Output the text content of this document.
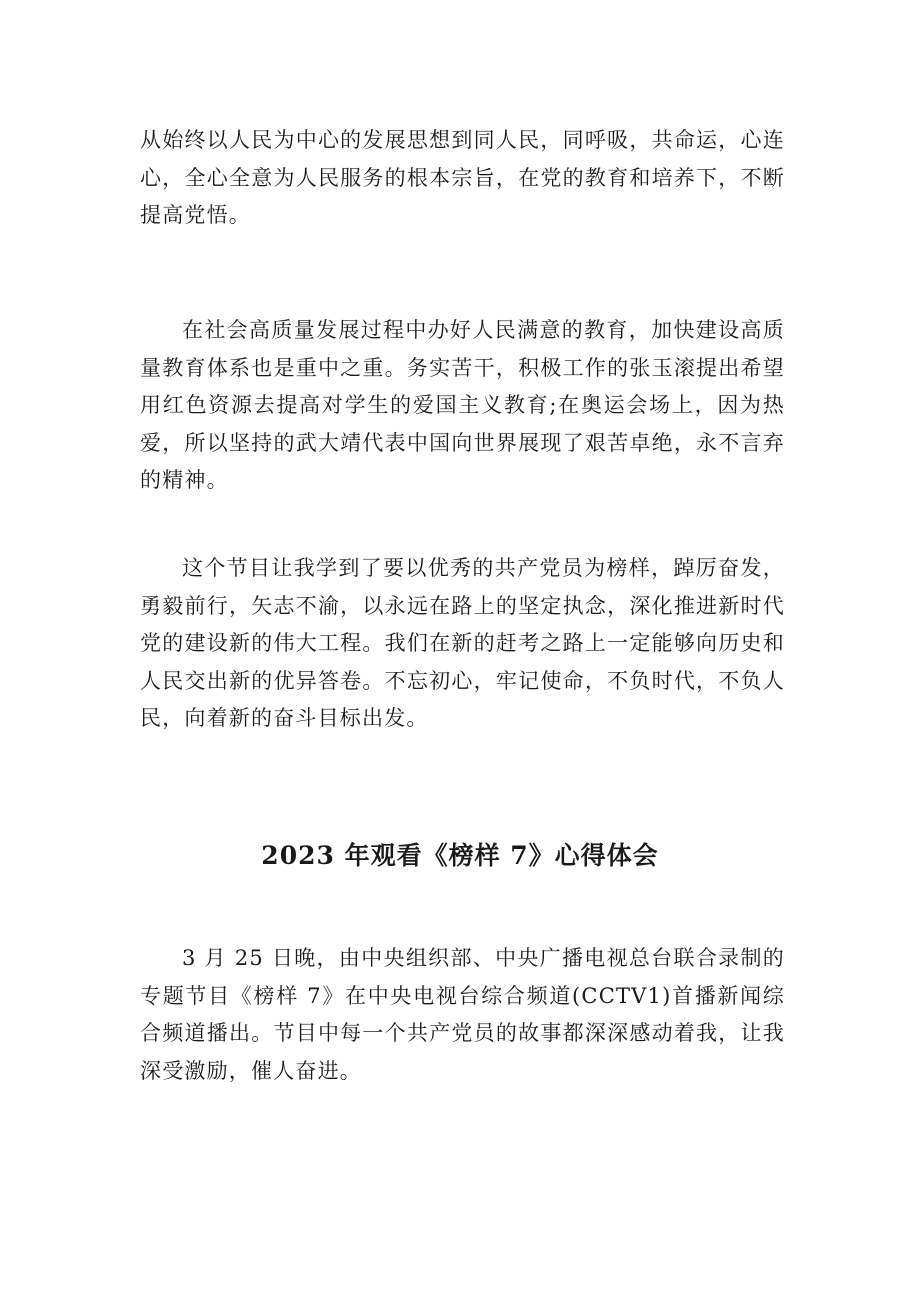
从始终以人民为中心的发展思想到同人民，同呼吸，共命运，心连心，全心全意为人民服务的根本宗旨，在党的教育和培养下，不断提高党悟。

在社会高质量发展过程中办好人民满意的教育，加快建设高质量教育体系也是重中之重。务实苦干，积极工作的张玉滚提出希望用红色资源去提高对学生的爱国主义教育;在奥运会场上，因为热爱，所以坚持的武大靖代表中国向世界展现了艰苦卓绝，永不言弃的精神。

这个节目让我学到了要以优秀的共产党员为榜样，踔厉奋发，勇毅前行，矢志不渝，以永远在路上的坚定执念，深化推进新时代党的建设新的伟大工程。我们在新的赶考之路上一定能够向历史和人民交出新的优异答卷。不忘初心，牢记使命，不负时代，不负人民，向着新的奋斗目标出发。

2023 年观看《榜样 7》心得体会

3 月 25 日晚，由中央组织部、中央广播电视总台联合录制的专题节目《榜样 7》在中央电视台综合频道(CCTV1)首播新闻综合频道播出。节目中每一个共产党员的故事都深深感动着我，让我深受激励，催人奋进。
